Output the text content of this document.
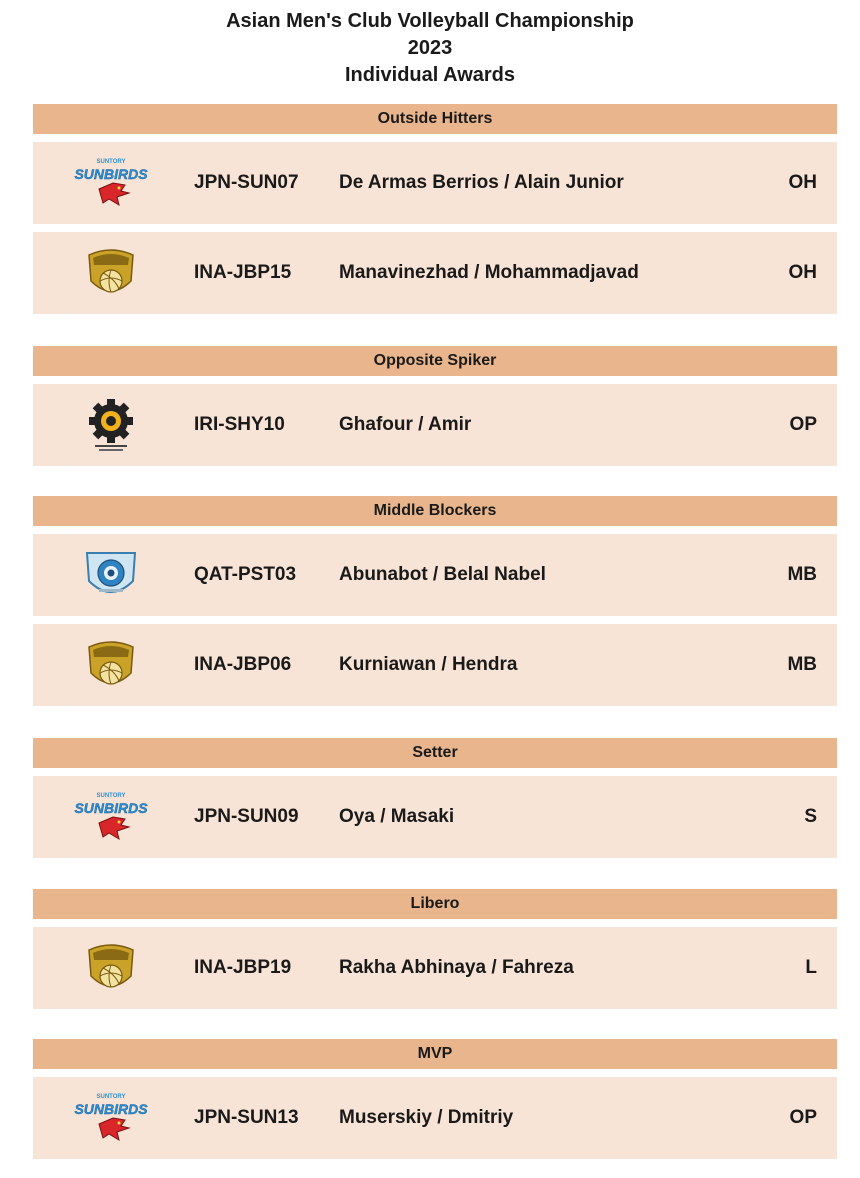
Asian Men's Club Volleyball Championship
2023
Individual Awards
Outside Hitters
SUNTORY
SUNBIRDS JPN-SUN07 De Armas Berrios / Alain Junior	OH
INA-JBP15	Manavinezhad / Mohammadjavad	OH
Opposite Spiker
IRI-SHY10	Ghafour / Amir	OP
Middle Blockers
QAT-PST03 Abunabot / Belal Nabel	MB
INA-JBP06	Kurniawan / Hendra	MB
Setter
SUNTORY
SUNBIRDS JPN-SUN09 Oya / Masaki	S
Libero
INA-JBP19	Rakha Abhinaya / Fahreza	L
MVP
SUNTORY
SUNBIRDS JPN-SUN13 Muserskiy / Dmitriy	OP
